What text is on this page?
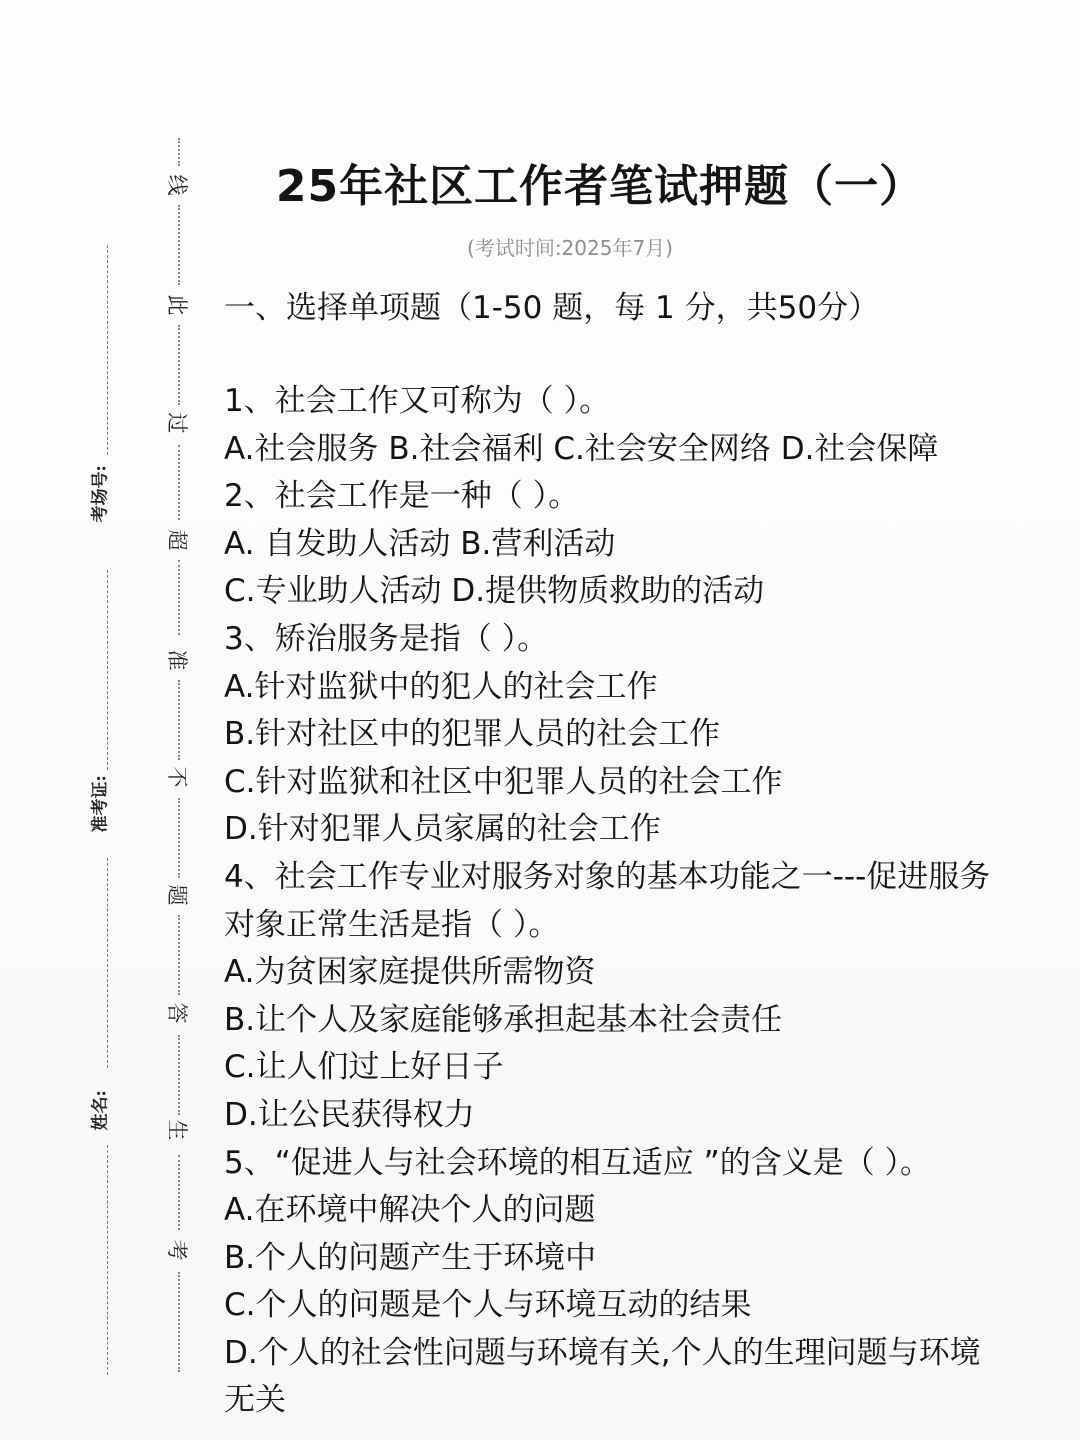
考场号:
准考证:
姓名:
线
此
过
超
准
不
题
答
生
考
25年社区工作者笔试押题（一）
(考试时间:2025年7月)
一、选择单项题（1-50 题，每 1 分，共50分）
1、社会工作又可称为（ ）。
A.社会服务 B.社会福利 C.社会安全网络 D.社会保障
2、社会工作是一种（ ）。
A. 自发助人活动 B.营利活动
C.专业助人活动 D.提供物质救助的活动
3、矫治服务是指（ ）。
A.针对监狱中的犯人的社会工作
B.针对社区中的犯罪人员的社会工作
C.针对监狱和社区中犯罪人员的社会工作
D.针对犯罪人员家属的社会工作
4、社会工作专业对服务对象的基本功能之一---促进服务
对象正常生活是指（ ）。
A.为贫困家庭提供所需物资
B.让个人及家庭能够承担起基本社会责任
C.让人们过上好日子
D.让公民获得权力
5、“促进人与社会环境的相互适应 ”的含义是（ ）。
A.在环境中解决个人的问题
B.个人的问题产生于环境中
C.个人的问题是个人与环境互动的结果
D.个人的社会性问题与环境有关,个人的生理问题与环境
无关
